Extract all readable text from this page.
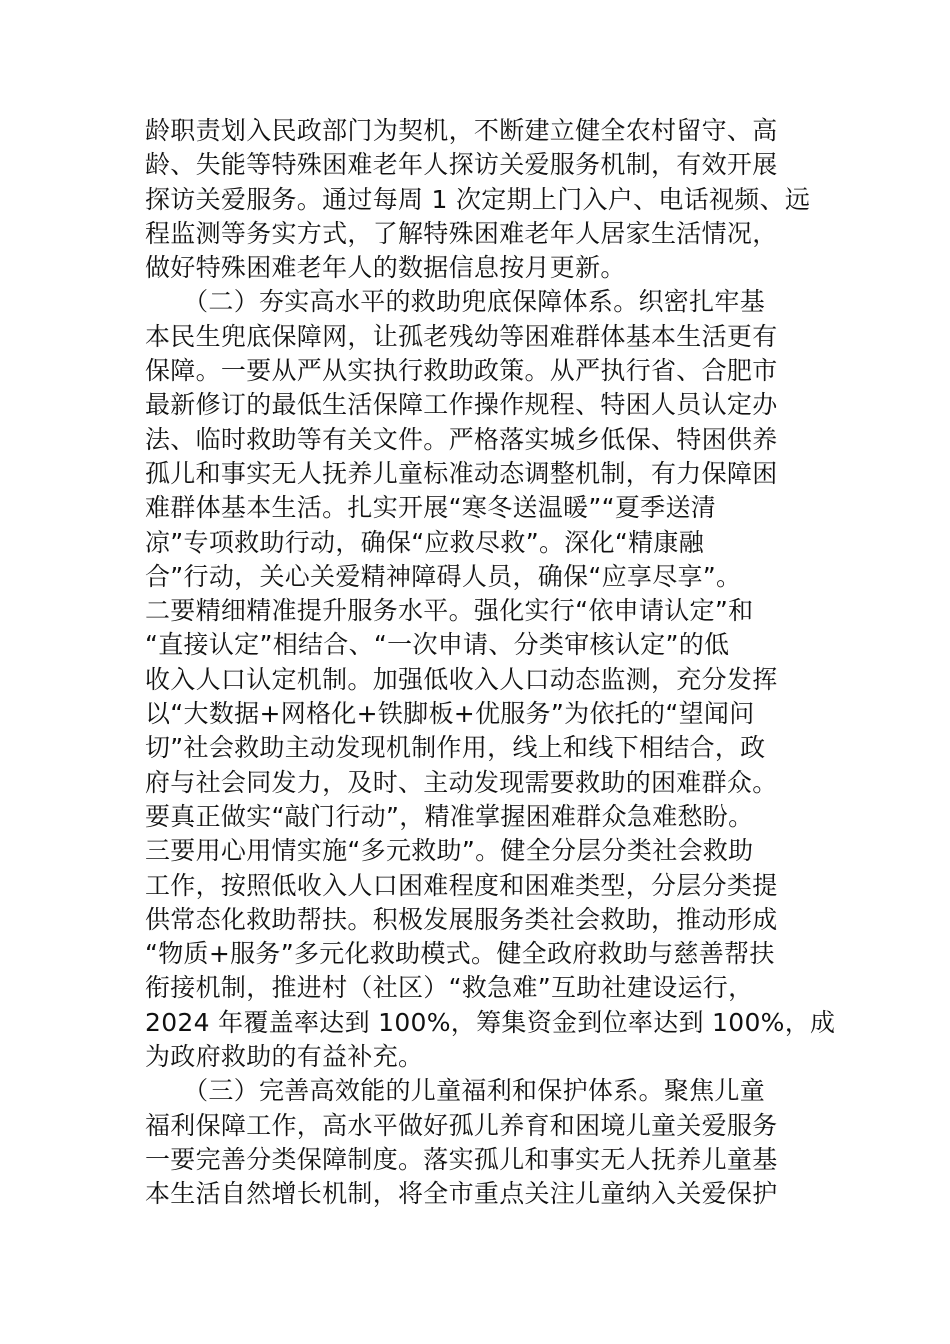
龄职责划入民政部门为契机，不断建立健全农村留守、高
龄、失能等特殊困难老年人探访关爱服务机制，有效开展
探访关爱服务。通过每周 1 次定期上门入户、电话视频、远
程监测等务实方式，了解特殊困难老年人居家生活情况，
做好特殊困难老年人的数据信息按月更新。
　　（二）夯实高水平的救助兜底保障体系。织密扎牢基
本民生兜底保障网，让孤老残幼等困难群体基本生活更有
保障。一要从严从实执行救助政策。从严执行省、合肥市
最新修订的最低生活保障工作操作规程、特困人员认定办
法、临时救助等有关文件。严格落实城乡低保、特困供养
孤儿和事实无人抚养儿童标准动态调整机制，有力保障困
难群体基本生活。扎实开展“寒冬送温暖”“夏季送清
凉”专项救助行动，确保“应救尽救”。深化“精康融
合”行动，关心关爱精神障碍人员，确保“应享尽享”。
二要精细精准提升服务水平。强化实行“依申请认定”和
“直接认定”相结合、“一次申请、分类审核认定”的低
收入人口认定机制。加强低收入人口动态监测，充分发挥
以“大数据+网格化+铁脚板+优服务”为依托的“望闻问
切”社会救助主动发现机制作用，线上和线下相结合，政
府与社会同发力，及时、主动发现需要救助的困难群众。
要真正做实“敲门行动”，精准掌握困难群众急难愁盼。
三要用心用情实施“多元救助”。健全分层分类社会救助
工作，按照低收入人口困难程度和困难类型，分层分类提
供常态化救助帮扶。积极发展服务类社会救助，推动形成
“物质+服务”多元化救助模式。健全政府救助与慈善帮扶
衔接机制，推进村（社区）“救急难”互助社建设运行，
2024 年覆盖率达到 100%，筹集资金到位率达到 100%，成
为政府救助的有益补充。
　　（三）完善高效能的儿童福利和保护体系。聚焦儿童
福利保障工作，高水平做好孤儿养育和困境儿童关爱服务
一要完善分类保障制度。落实孤儿和事实无人抚养儿童基
本生活自然增长机制，将全市重点关注儿童纳入关爱保护
